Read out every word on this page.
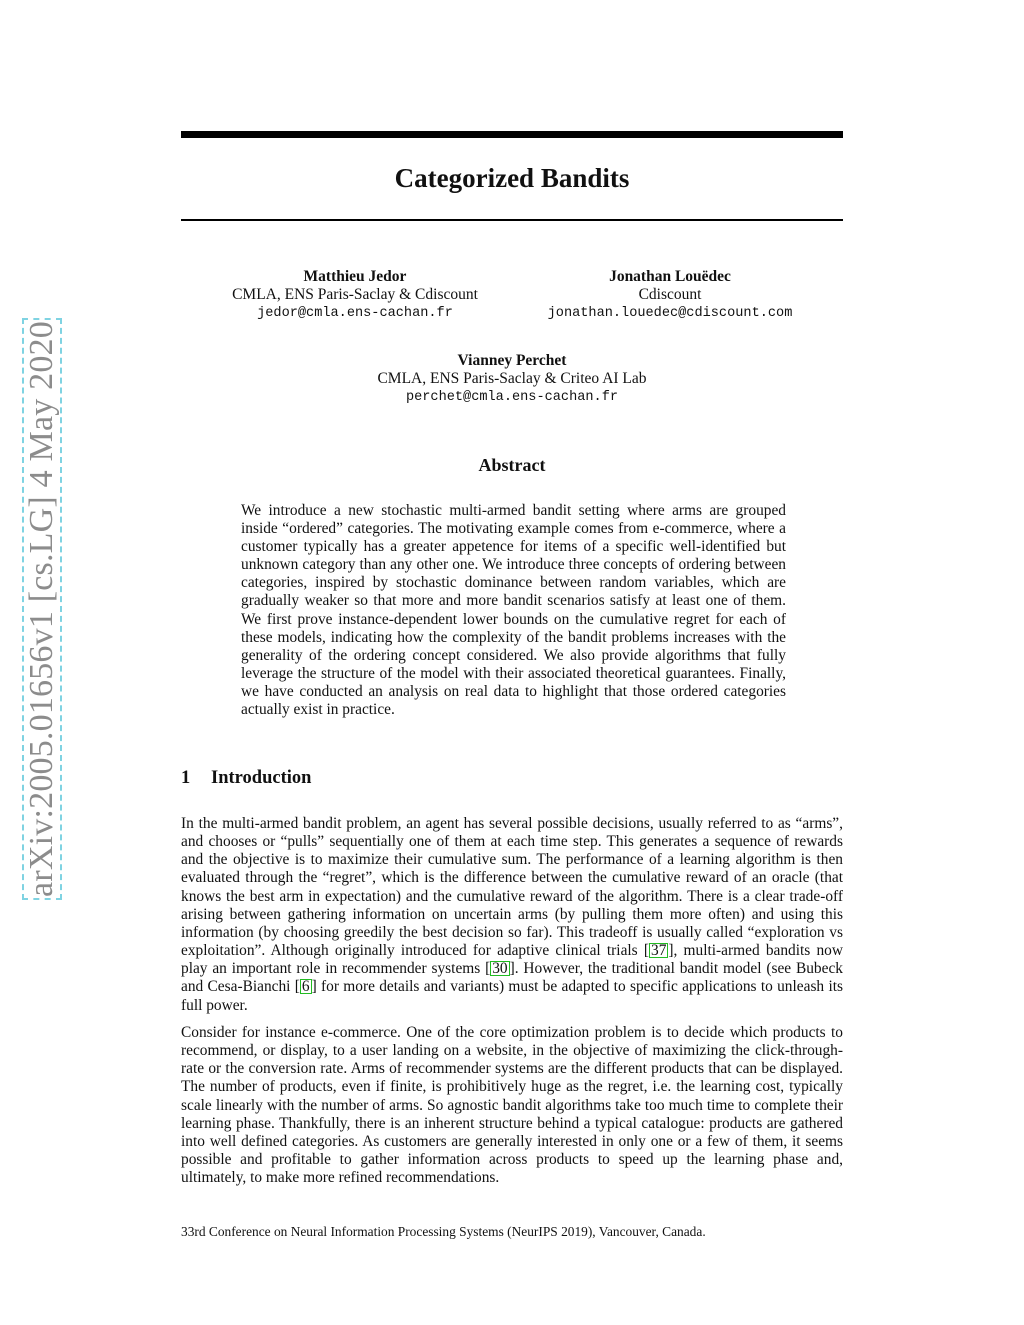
arXiv:2005.01656v1 [cs.LG] 4 May 2020
Categorized Bandits
Matthieu Jedor
CMLA, ENS Paris-Saclay & Cdiscount
jedor@cmla.ens-cachan.fr
Jonathan Louëdec
Cdiscount
jonathan.louedec@cdiscount.com
Vianney Perchet
CMLA, ENS Paris-Saclay & Criteo AI Lab
perchet@cmla.ens-cachan.fr
Abstract

We introduce a new stochastic multi-armed bandit setting where arms are grouped inside “ordered” categories. The motivating example comes from e-commerce, where a customer typically has a greater appetence for items of a specific well-identified but unknown category than any other one. We introduce three concepts of ordering between categories, inspired by stochastic dominance between random variables, which are gradually weaker so that more and more bandit scenarios satisfy at least one of them. We first prove instance-dependent lower bounds on the cumulative regret for each of these models, indicating how the complexity of the bandit problems increases with the generality of the ordering concept considered. We also provide algorithms that fully leverage the structure of the model with their associated theoretical guarantees. Finally, we have conducted an analysis on real data to highlight that those ordered categories actually exist in practice.

1 Introduction

In the multi-armed bandit problem, an agent has several possible decisions, usually referred to as “arms”, and chooses or “pulls” sequentially one of them at each time step. This generates a sequence of rewards and the objective is to maximize their cumulative sum. The performance of a learning algorithm is then evaluated through the “regret”, which is the difference between the cumulative reward of an oracle (that knows the best arm in expectation) and the cumulative reward of the algorithm. There is a clear trade-off arising between gathering information on uncertain arms (by pulling them more often) and using this information (by choosing greedily the best decision so far). This tradeoff is usually called “exploration vs exploitation”. Although originally introduced for adaptive clinical trials [ 37 ], multi-armed bandits now play an important role in recommender systems [ 30 ]. However, the traditional bandit model (see Bubeck and Cesa-Bianchi [ 6 ] for more details and variants) must be adapted to specific applications to unleash its full power.

Consider for instance e-commerce. One of the core optimization problem is to decide which products to recommend, or display, to a user landing on a website, in the objective of maximizing the click-through-rate or the conversion rate. Arms of recommender systems are the different products that can be displayed. The number of products, even if finite, is prohibitively huge as the regret, i.e. the learning cost, typically scale linearly with the number of arms. So agnostic bandit algorithms take too much time to complete their learning phase. Thankfully, there is an inherent structure behind a typical catalogue: products are gathered into well defined categories. As customers are generally interested in only one or a few of them, it seems possible and profitable to gather information across products to speed up the learning phase and, ultimately, to make more refined recommendations.

33rd Conference on Neural Information Processing Systems (NeurIPS 2019), Vancouver, Canada.
